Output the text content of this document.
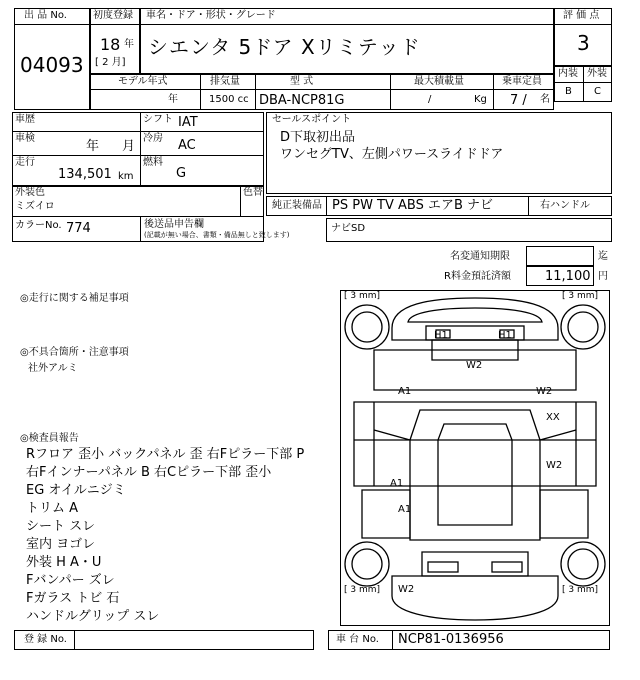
出 品 No.
04093
初度登録
18 年
[ 2 月]
車名・ドア・形状・グレード
シエンタ 5ドア Xリミテッド
評 価 点
3
内装 外装
B C
モデル年式
年
排気量
1500 cc
型 式
DBA-NCP81G
最大積載量
/	Kg
乗車定員
7 / 名
車歴	シフト IAT
車検
年 月
冷房 AC
走行
134,501 km
燃料
G
外装色
ミズイロ
色替
カラーNo. 774
セールスポイント
D下取初出品
ワンセグTV、左側パワースライドドア
純正装備品 PS PW TV ABS エアB ナビ	右ハンドル
後送品申告欄
(記載が無い場合、書類・備品無しと致します)
ナビSD
名変通知期限	迄
R料金預託済額	11,100 円
◎走行に関する補足事項
◎不具合箇所・注意事項
社外アルミ
◎検査員報告
Rフロア 歪小 バックパネル 歪 右Fピラー下部 P
右Fインナーパネル B 右Cピラー下部 歪小
EG オイルニジミ
トリム A
シート スレ
室内 ヨゴレ
外装 H A・U
Fバンパー ズレ
Fガラス トビ 石
ハンドルグリップ スレ
[ 3 mm]	[ 3 mm]
[ 3 mm]	[ 3 mm]
H1	H1
W2
A1	W2
XX
W2
A1
A1
W2
登 録 No.	車 台 No. NCP81-0136956
